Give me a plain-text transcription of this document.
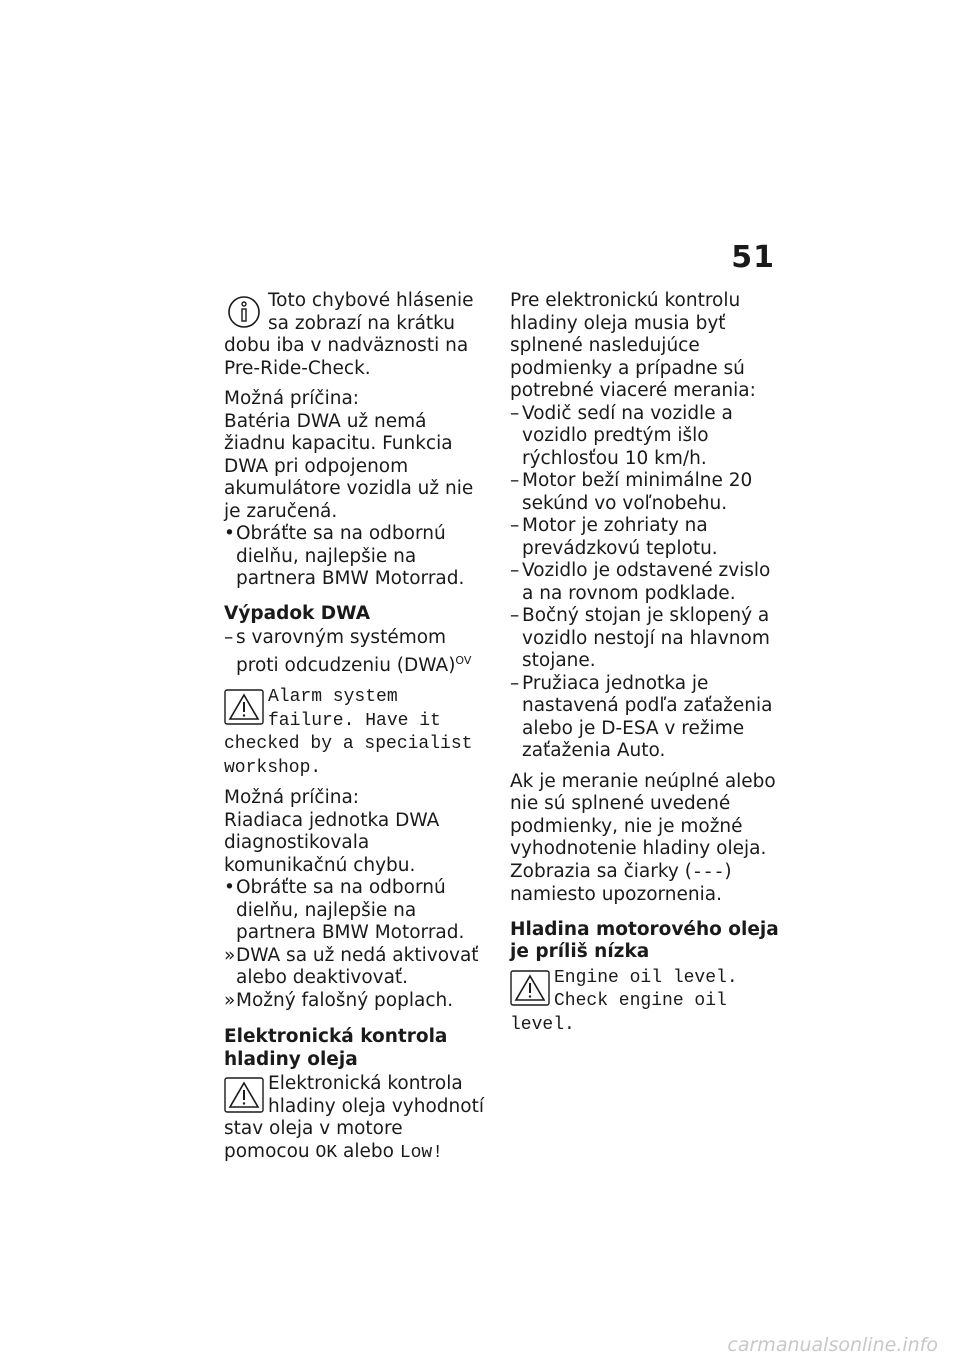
51
Toto chybové hlásenie sa zobrazí na krátku dobu iba v nadväznosti na Pre-Ride-Check.

Možná príčina:

Batéria DWA už nemá žiadnu kapacitu. Funkcia DWA pri odpojenom akumulátore vozidla už nie je zaručená.

• Obráťte sa na odbornú dielňu, najlepšie na partnera BMW Motorrad.

Výpadok DWA

– s varovným systémom proti odcudzeniu (DWA)$^{OV}$

Alarm system failure. Have it checked by a specialist workshop.

Možná príčina:

Riadiaca jednotka DWA diagnostikovala komunikačnú chybu.

• Obráťte sa na odbornú dielňu, najlepšie na partnera BMW Motorrad.

» DWA sa už nedá aktivovať alebo deaktivovať.

» Možný falošný poplach.

Elektronická kontrola hladiny oleja

Elektronická kontrola hladiny oleja vyhodnotí stav oleja v motore pomocou OK alebo Low!

Pre elektronickú kontrolu hladiny oleja musia byť splnené nasledujúce podmienky a prípadne sú potrebné viaceré merania:

– Vodič sedí na vozidle a vozidlo predtým išlo rýchlosťou 10 km/h.

– Motor beží minimálne 20 sekúnd vo voľnobehu.

– Motor je zohriaty na prevádzkovú teplotu.

– Vozidlo je odstavené zvislo a na rovnom podklade.

– Bočný stojan je sklopený a vozidlo nestojí na hlavnom stojane.

– Pružiaca jednotka je nastavená podľa zaťaženia alebo je D-ESA v režime zaťaženia Auto.

Ak je meranie neúplné alebo nie sú splnené uvedené podmienky, nie je možné vyhodnotenie hladiny oleja. Zobrazia sa čiarky (---) namiesto upozornenia.

Hladina motorového oleja je príliš nízka

Engine oil level. Check engine oil level.
carmanualsonline.info
